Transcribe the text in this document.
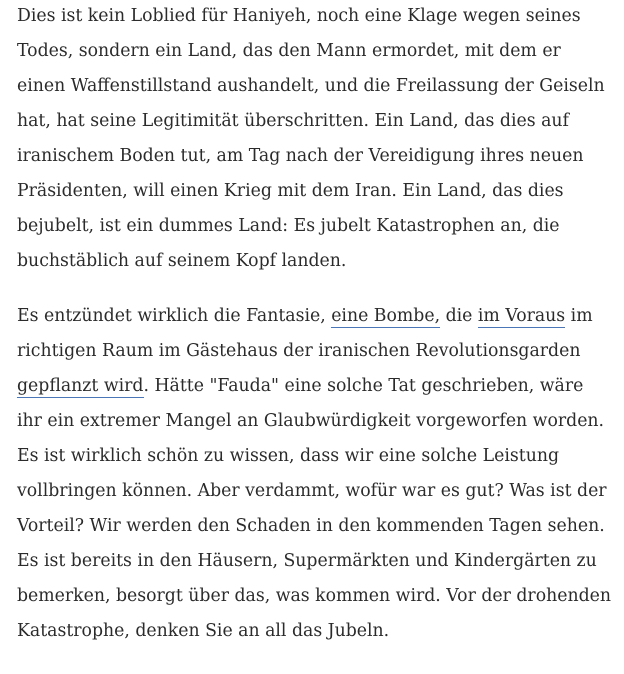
Dies ist kein Loblied für Haniyeh, noch eine Klage wegen seines Todes, sondern ein Land, das den Mann ermordet, mit dem er einen Waffenstillstand aushandelt, und die Freilassung der Geiseln hat, hat seine Legitimität überschritten. Ein Land, das dies auf iranischem Boden tut, am Tag nach der Vereidigung ihres neuen Präsidenten, will einen Krieg mit dem Iran. Ein Land, das dies bejubelt, ist ein dummes Land: Es jubelt Katastrophen an, die buchstäblich auf seinem Kopf landen.

Es entzündet wirklich die Fantasie, eine Bombe, die im Voraus im richtigen Raum im Gästehaus der iranischen Revolutionsgarden gepflanzt wird. Hätte "Fauda" eine solche Tat geschrieben, wäre ihr ein extremer Mangel an Glaubwürdigkeit vorgeworfen worden. Es ist wirklich schön zu wissen, dass wir eine solche Leistung vollbringen können. Aber verdammt, wofür war es gut? Was ist der Vorteil? Wir werden den Schaden in den kommenden Tagen sehen. Es ist bereits in den Häusern, Supermärkten und Kindergärten zu bemerken, besorgt über das, was kommen wird. Vor der drohenden Katastrophe, denken Sie an all das Jubeln.
